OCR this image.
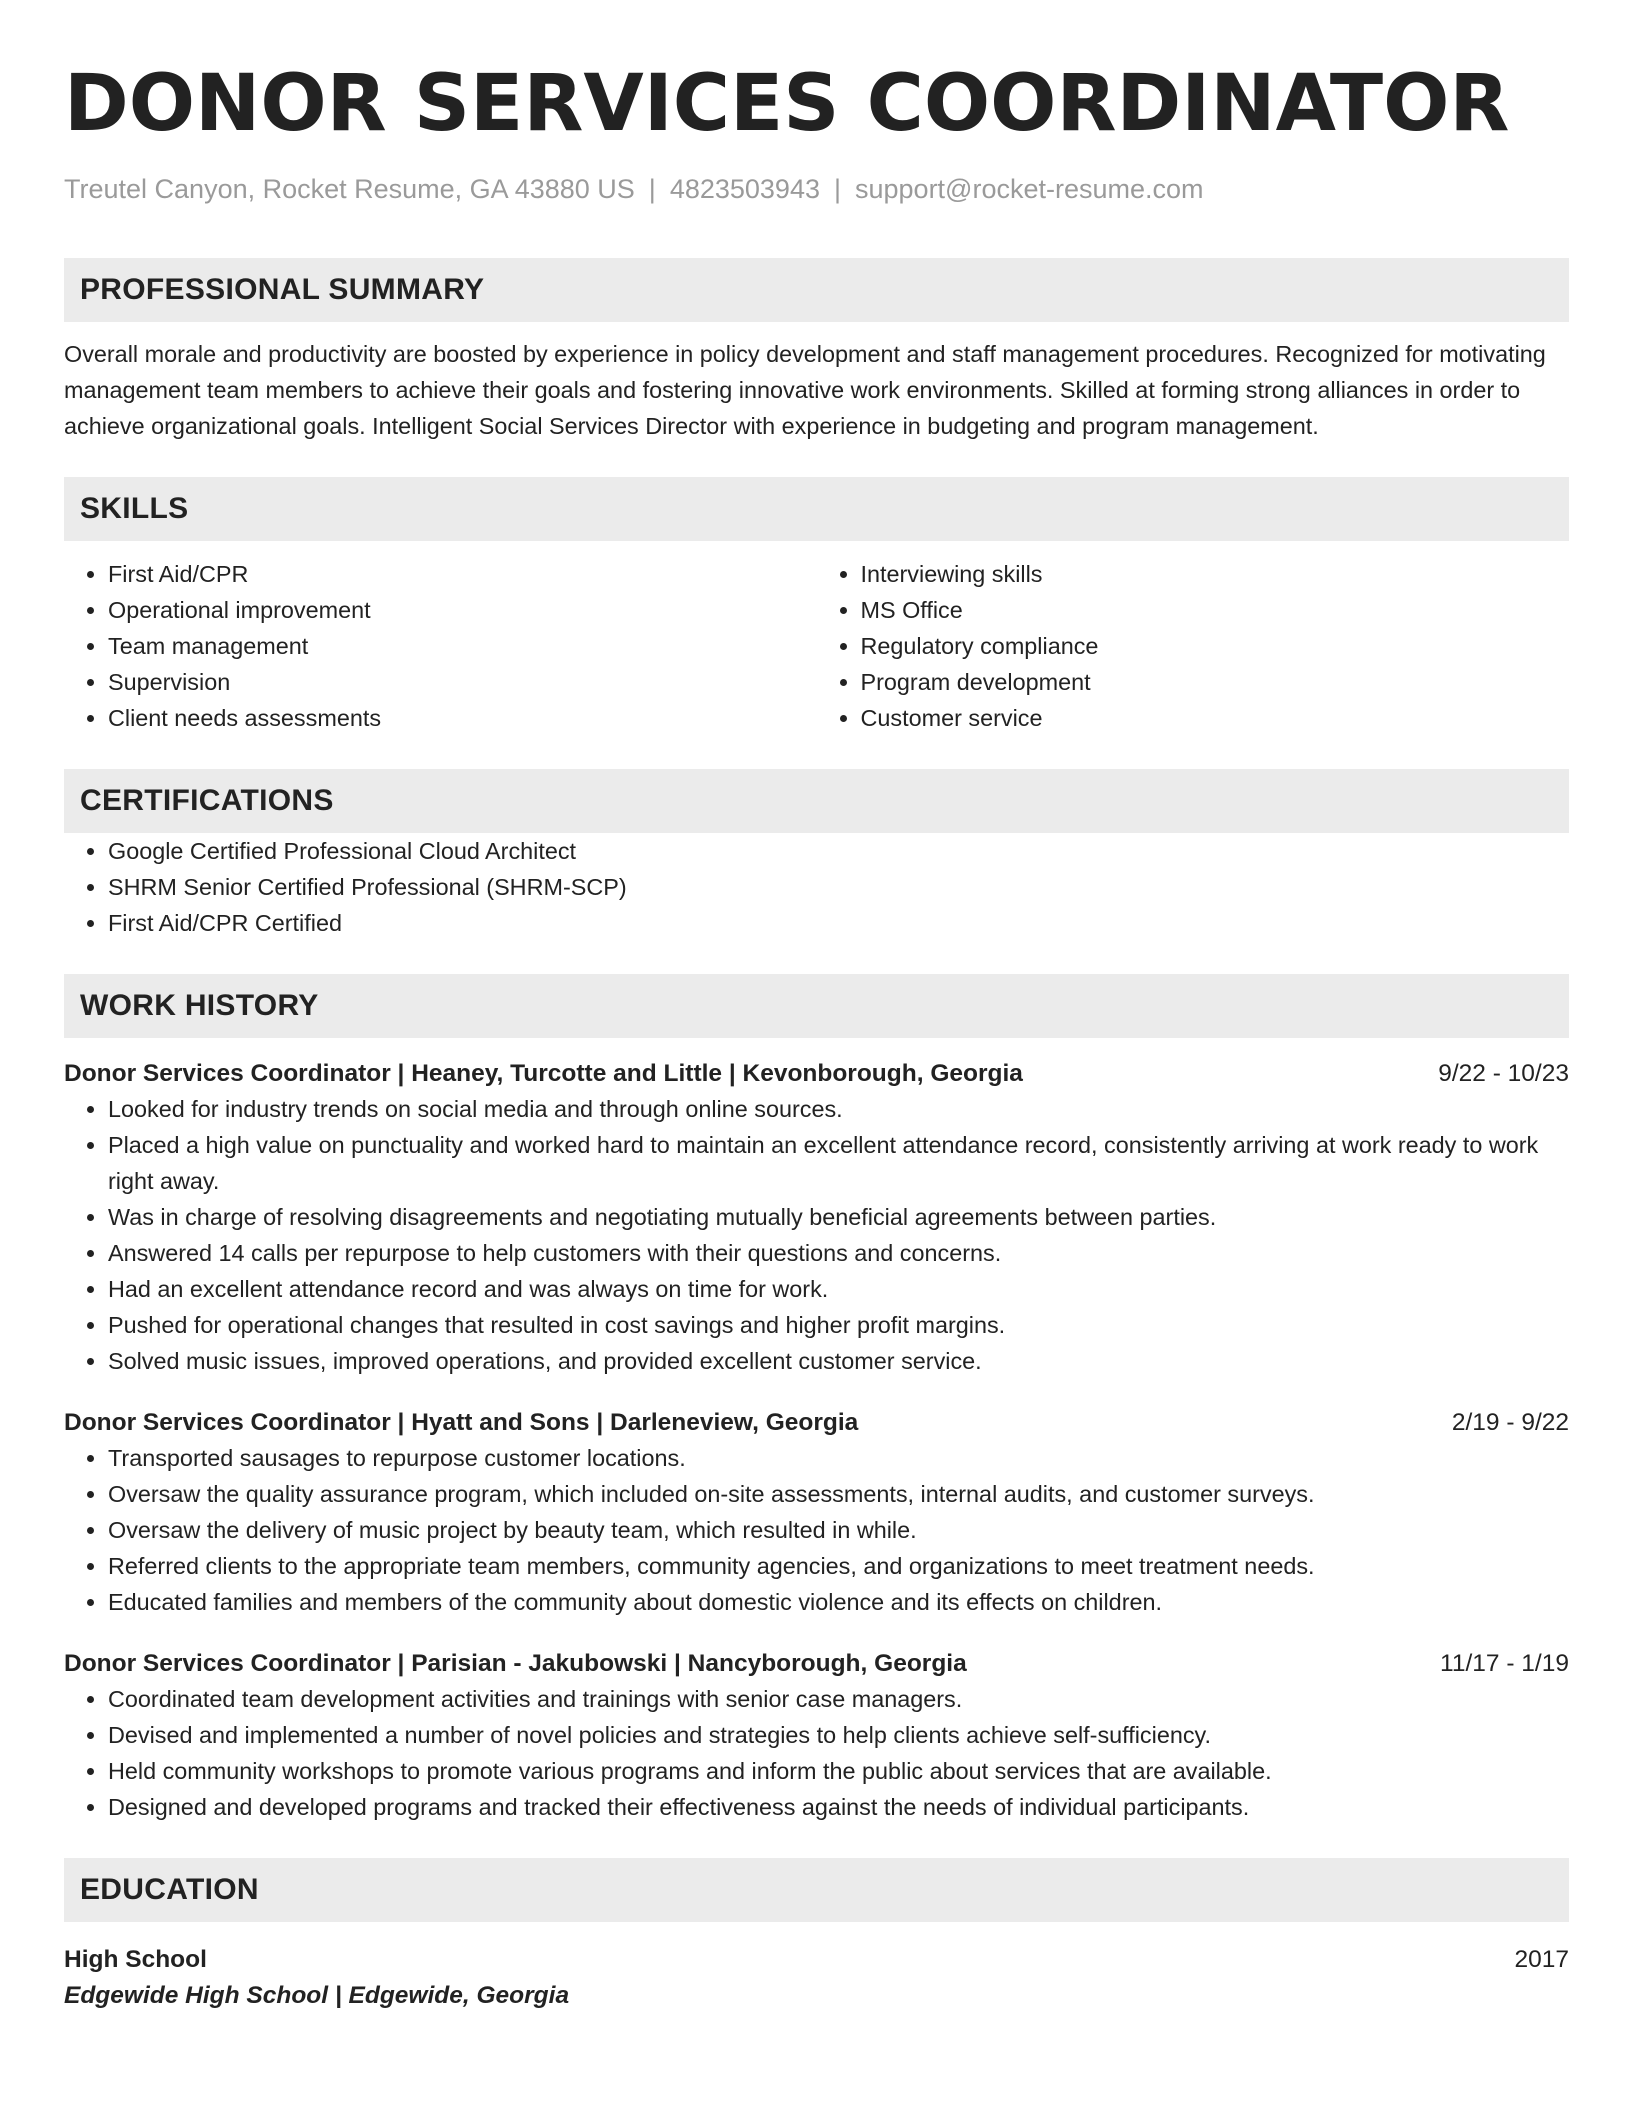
DONOR SERVICES COORDINATOR
Treutel Canyon, Rocket Resume, GA 43880 US | 4823503943 | support@rocket-resume.com
PROFESSIONAL SUMMARY
Overall morale and productivity are boosted by experience in policy development and staff management procedures. Recognized for motivating management team members to achieve their goals and fostering innovative work environments. Skilled at forming strong alliances in order to achieve organizational goals. Intelligent Social Services Director with experience in budgeting and program management.
SKILLS
• First Aid/CPR
• Operational improvement
• Team management
• Supervision
• Client needs assessments
• Interviewing skills
• MS Office
• Regulatory compliance
• Program development
• Customer service
CERTIFICATIONS
• Google Certified Professional Cloud Architect
• SHRM Senior Certified Professional (SHRM-SCP)
• First Aid/CPR Certified
WORK HISTORY
Donor Services Coordinator | Heaney, Turcotte and Little | Kevonborough, Georgia	9/22 - 10/23
• Looked for industry trends on social media and through online sources.
• Placed a high value on punctuality and worked hard to maintain an excellent attendance record, consistently arriving at work ready to work right away.
• Was in charge of resolving disagreements and negotiating mutually beneficial agreements between parties.
• Answered 14 calls per repurpose to help customers with their questions and concerns.
• Had an excellent attendance record and was always on time for work.
• Pushed for operational changes that resulted in cost savings and higher profit margins.
• Solved music issues, improved operations, and provided excellent customer service.
Donor Services Coordinator | Hyatt and Sons | Darleneview, Georgia	2/19 - 9/22
• Transported sausages to repurpose customer locations.
• Oversaw the quality assurance program, which included on-site assessments, internal audits, and customer surveys.
• Oversaw the delivery of music project by beauty team, which resulted in while.
• Referred clients to the appropriate team members, community agencies, and organizations to meet treatment needs.
• Educated families and members of the community about domestic violence and its effects on children.
Donor Services Coordinator | Parisian - Jakubowski | Nancyborough, Georgia	11/17 - 1/19
• Coordinated team development activities and trainings with senior case managers.
• Devised and implemented a number of novel policies and strategies to help clients achieve self-sufficiency.
• Held community workshops to promote various programs and inform the public about services that are available.
• Designed and developed programs and tracked their effectiveness against the needs of individual participants.
EDUCATION
High School	2017
Edgewide High School | Edgewide, Georgia
